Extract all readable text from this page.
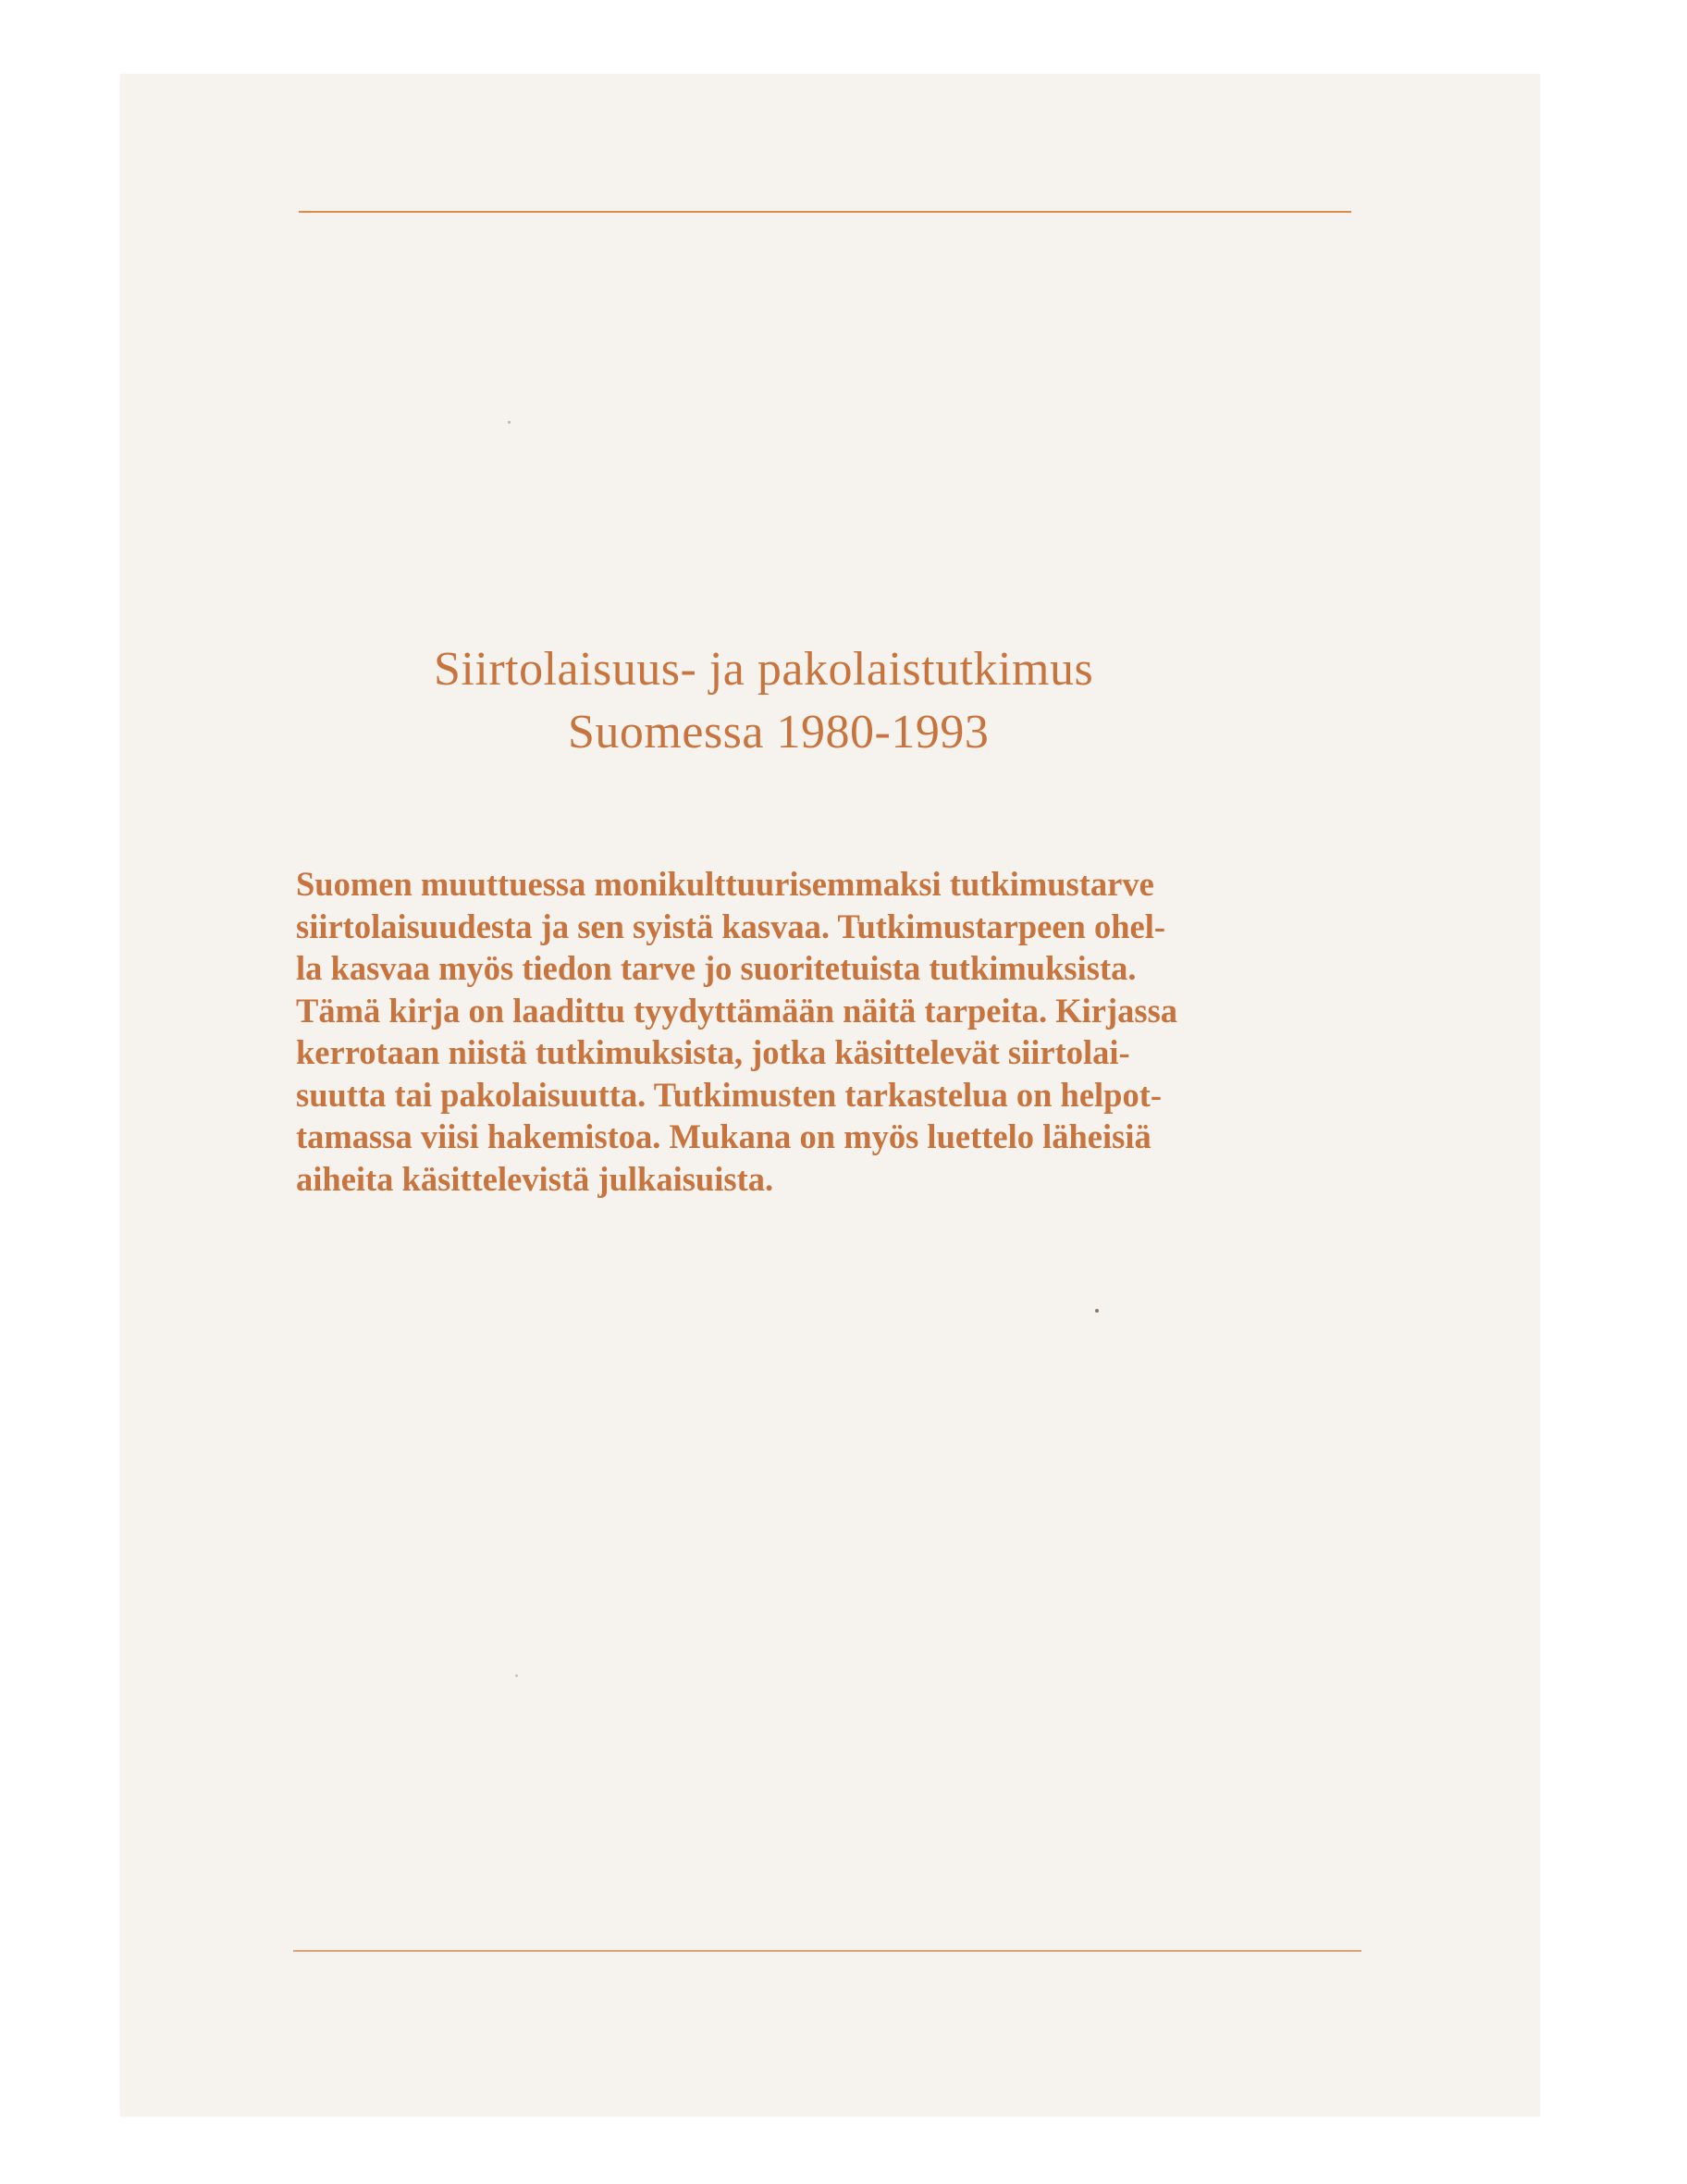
Siirtolaisuus- ja pakolaistutkimus
Suomessa 1980-1993
Suomen muuttuessa monikulttuurisemmaksi tutkimustarve
siirtolaisuudesta ja sen syistä kasvaa. Tutkimustarpeen ohel-
la kasvaa myös tiedon tarve jo suoritetuista tutkimuksista.
Tämä kirja on laadittu tyydyttämään näitä tarpeita. Kirjassa
kerrotaan niistä tutkimuksista, jotka käsittelevät siirtolai-
suutta tai pakolaisuutta. Tutkimusten tarkastelua on helpot-
tamassa viisi hakemistoa. Mukana on myös luettelo läheisiä
aiheita käsittelevistä julkaisuista.
